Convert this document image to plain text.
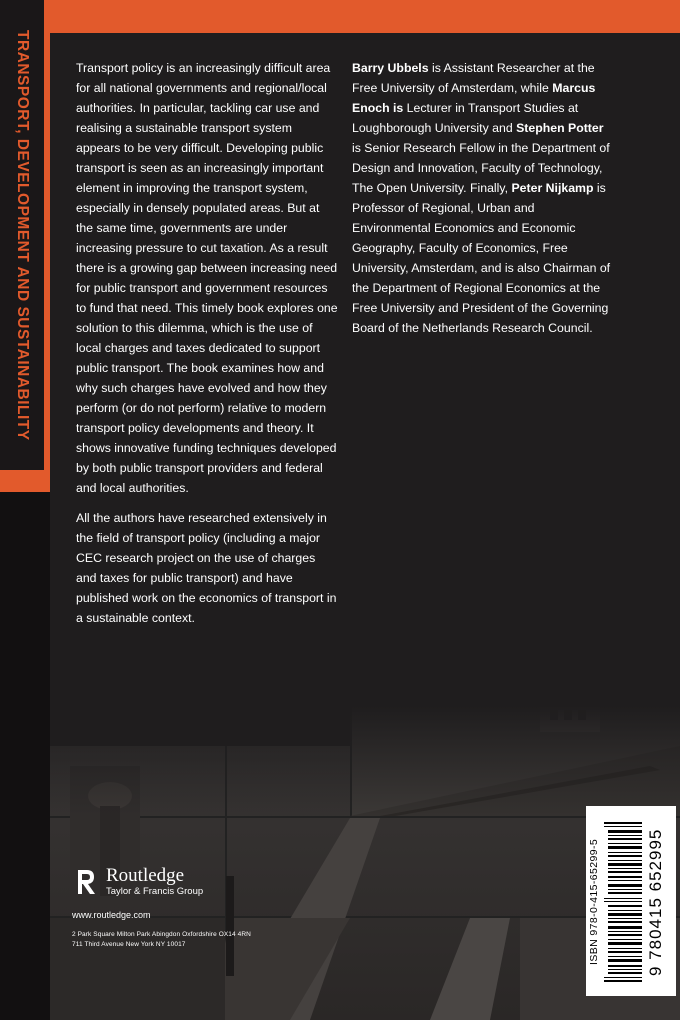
TRANSPORT, DEVELOPMENT AND SUSTAINABILITY	Transport policy is an increasingly difficult area for all national governments and regional/local authorities. In particular, tackling car use and realising a sustainable transport system appears to be very difficult. Developing public transport is seen as an increasingly important element in improving the transport system, especially in densely populated areas. But at the same time, governments are under increasing pressure to cut taxation. As a result there is a growing gap between increasing need for public transport and government resources to fund that need. This timely book explores one solution to this dilemma, which is the use of local charges and taxes dedicated to support public transport. The book examines how and why such charges have evolved and how they perform (or do not perform) relative to modern transport policy developments and theory. It shows innovative funding techniques developed by both public transport providers and federal and local authorities.

All the authors have researched extensively in the field of transport policy (including a major CEC research project on the use of charges and taxes for public transport) and have published work on the economics of transport in a sustainable context.

Barry Ubbels is Assistant Researcher at the Free University of Amsterdam, while Marcus Enoch is Lecturer in Transport Studies at Loughborough University and Stephen Potter is Senior Research Fellow in the Department of Design and Innovation, Faculty of Technology, The Open University. Finally, Peter Nijkamp is Professor of Regional, Urban and Environmental Economics and Economic Geography, Faculty of Economics, Free University, Amsterdam, and is also Chairman of the Department of Regional Economics at the Free University and President of the Governing Board of the Netherlands Research Council.

Routledge
Taylor & Francis Group
www.routledge.com
2 Park Square Milton Park Abingdon Oxfordshire OX14 4RN
711 Third Avenue New York NY 10017	ISBN 978-0-415-65299-5	9 780415 652995
